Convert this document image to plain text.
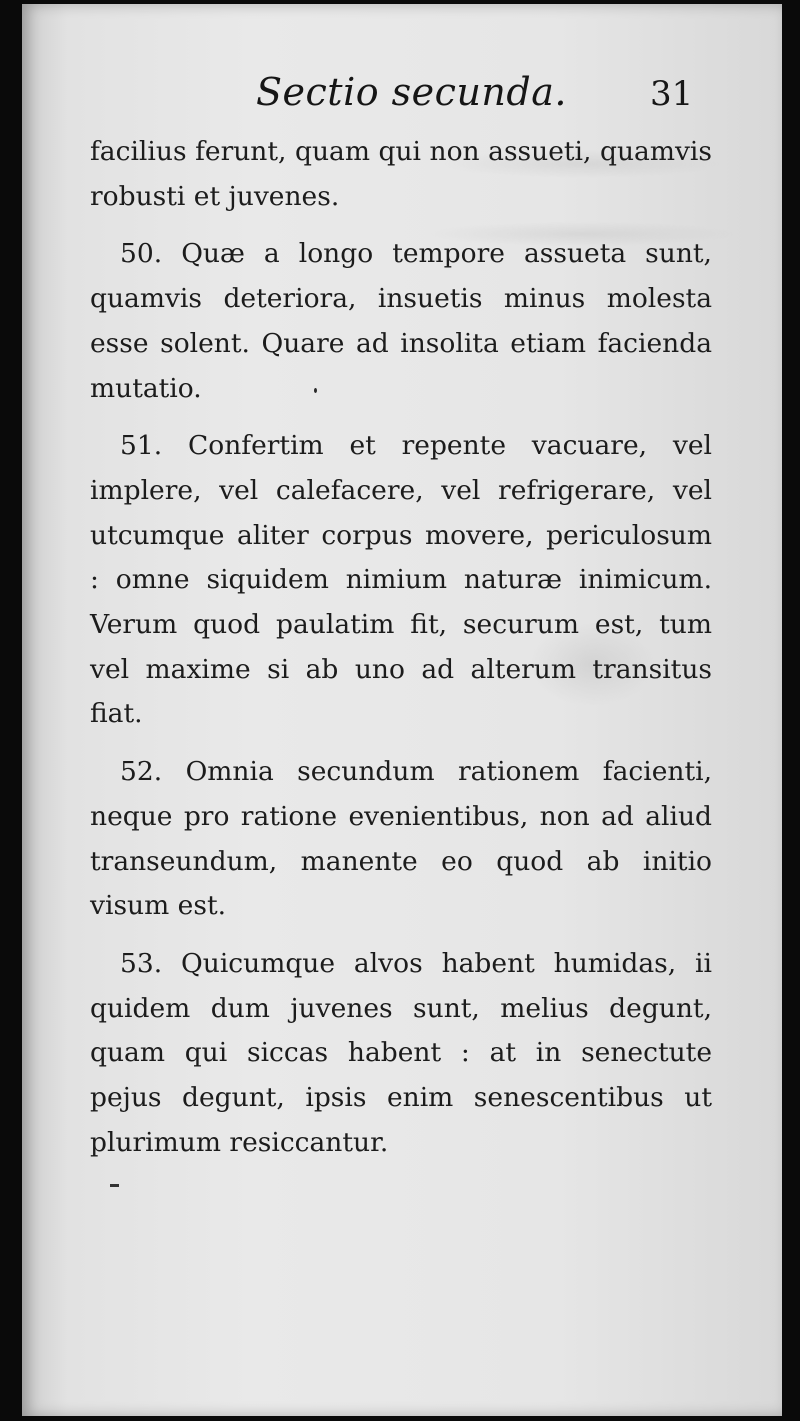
Sectio secunda. 31

facilius ferunt, quam qui non assueti, quamvis robusti et juvenes.

50. Quæ a longo tempore assueta sunt, quamvis deteriora, insuetis minus molesta esse solent. Quare ad insolita etiam facienda mutatio.

51. Confertim et repente vacuare, vel implere, vel calefacere, vel refrigerare, vel utcumque aliter corpus movere, periculosum : omne siquidem nimium naturæ inimicum. Verum quod paulatim fit, securum est, tum vel maxime si ab uno ad alterum transitus fiat.

52. Omnia secundum rationem facienti, neque pro ratione evenientibus, non ad aliud transeundum, manente eo quod ab initio visum est.

53. Quicumque alvos habent humidas, ii quidem dum juvenes sunt, melius degunt, quam qui siccas habent : at in senectute pejus degunt, ipsis enim senescentibus ut plurimum resiccantur.
